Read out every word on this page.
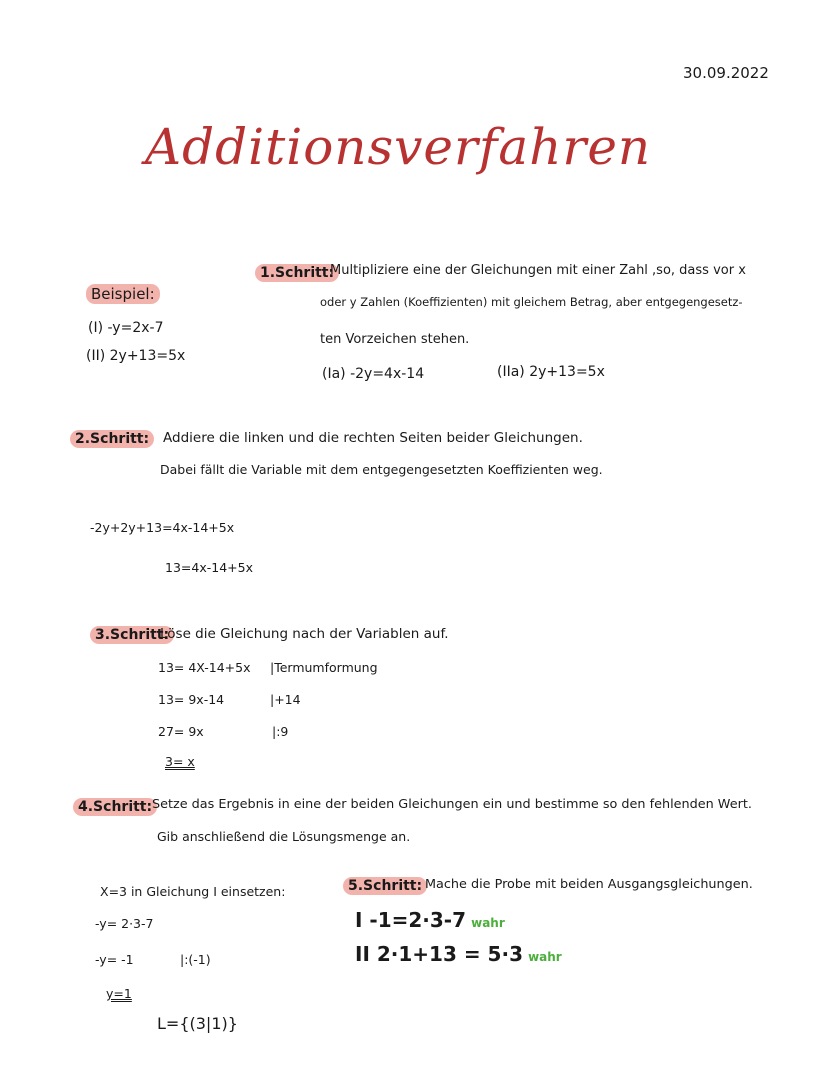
30.09.2022
Additionsverfahren
Beispiel:
(I) -y=2x-7
(II) 2y+13=5x
1.Schritt:
Multipliziere eine der Gleichungen mit einer Zahl ,so, dass vor x
oder y Zahlen (Koeffizienten) mit gleichem Betrag, aber entgegengesetz-
ten Vorzeichen stehen.
(Ia) -2y=4x-14	(IIa) 2y+13=5x
2.Schritt:	Addiere die linken und die rechten Seiten beider Gleichungen.
Dabei fällt die Variable mit dem entgegengesetzten Koeffizienten weg.
-2y+2y+13=4x-14+5x
13=4x-14+5x
3.Schritt:
Löse die Gleichung nach der Variablen auf.
13= 4X-14+5x |Termumformung
13= 9x-14	|+14
27= 9x	|:9
3= x
4.Schritt: Setze das Ergebnis in eine der beiden Gleichungen ein und bestimme so den fehlenden Wert.
Gib anschließend die Lösungsmenge an.
X=3 in Gleichung I einsetzen:
-y= 2·3-7
-y= -1	|:(-1)
y=1
L={(3|1)}
5.Schritt: Mache die Probe mit beiden Ausgangsgleichungen.
I -1=2·3-7 wahr
II 2·1+13 = 5·3 wahr
